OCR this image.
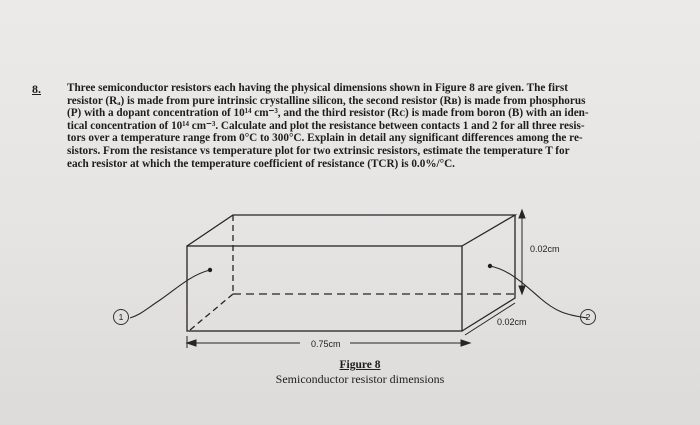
8. Three semiconductor resistors each having the physical dimensions shown in Figure 8 are given. The first
resistor (Rₐ) is made from pure intrinsic crystalline silicon, the second resistor (Rʙ) is made from phosphorus
(P) with a dopant concentration of 10¹⁴ cm⁻³, and the third resistor (Rᴄ) is made from boron (B) with an iden-
tical concentration of 10¹⁴ cm⁻³. Calculate and plot the resistance between contacts 1 and 2 for all three resis-
tors over a temperature range from 0°C to 300°C. Explain in detail any significant differences among the re-
sistors. From the resistance vs temperature plot for two extrinsic resistors, estimate the temperature T for
each resistor at which the temperature coefficient of resistance (TCR) is 0.0%/°C.
0.02cm
0.02cm
0.75cm
1	2
Figure 8
Semiconductor resistor dimensions
